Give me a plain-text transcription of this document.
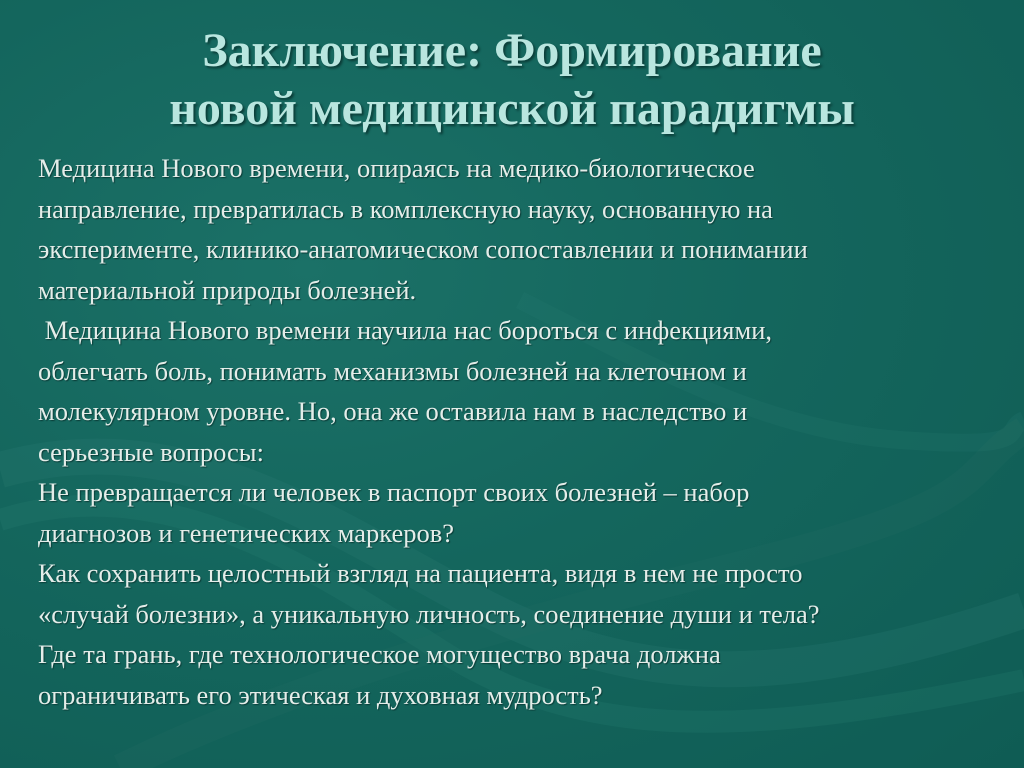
Заключение: Формирование
новой медицинской парадигмы
Медицина Нового времени, опираясь на медико-биологическое
направление, превратилась в комплексную науку, основанную на
эксперименте, клинико-анатомическом сопоставлении и понимании
материальной природы болезней.
Медицина Нового времени научила нас бороться с инфекциями,
облегчать боль, понимать механизмы болезней на клеточном и
молекулярном уровне. Но, она же оставила нам в наследство и
серьезные вопросы:
Не превращается ли человек в паспорт своих болезней – набор
диагнозов и генетических маркеров?
Как сохранить целостный взгляд на пациента, видя в нем не просто
«случай болезни», а уникальную личность, соединение души и тела?
Где та грань, где технологическое могущество врача должна
ограничивать его этическая и духовная мудрость?
